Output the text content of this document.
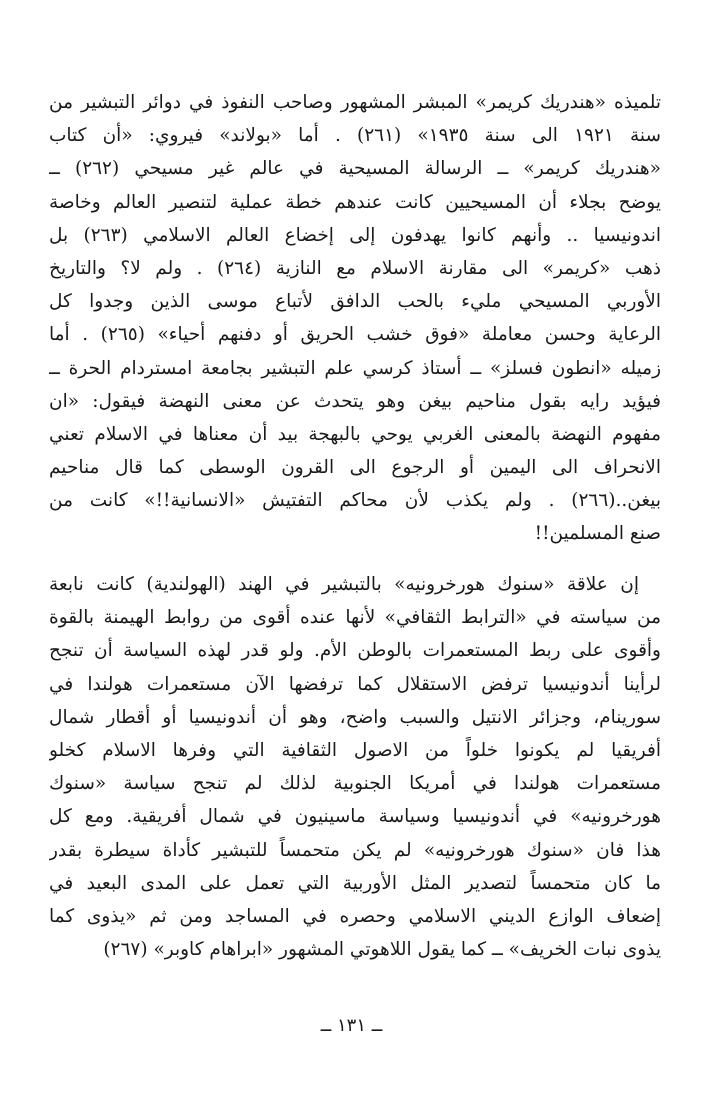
تلميذه «هندريك كريمر» المبشر المشهور وصاحب النفوذ في دوائر التبشير من
سنة ١٩٢١ الى سنة ١٩٣٥» (٢٦١) . أما «بولاند» فيروي: «أن كتاب
«هندريك كريمر» ــ الرسالة المسيحية في عالم غير مسيحي (٢٦٢) ــ
يوضح بجلاء أن المسيحيين كانت عندهم خطة عملية لتنصير العالم وخاصة
اندونيسيا .. وأنهم كانوا يهدفون إلى إخضاع العالم الاسلامي (٢٦٣) بل
ذهب «كريمر» الى مقارنة الاسلام مع النازية (٢٦٤) . ولم لا؟ والتاريخ
الأوربي المسيحي مليء بالحب الدافق لأتباع موسى الذين وجدوا كل
الرعاية وحسن معاملة «فوق خشب الحريق أو دفنهم أحياء» (٢٦٥) . أما
زميله «انطون فسلز» ــ أستاذ كرسي علم التبشير بجامعة امستردام الحرة ــ
فيؤيد رايه بقول مناحيم بيغن وهو يتحدث عن معنى النهضة فيقول: «ان
مفهوم النهضة بالمعنى الغربي يوحي بالبهجة بيد أن معناها في الاسلام تعني
الانحراف الى اليمين أو الرجوع الى القرون الوسطى كما قال مناحيم
بيغن..(٢٦٦) . ولم يكذب لأن محاكم التفتيش «الانسانية!!» كانت من
صنع المسلمين!!
إن علاقة «سنوك هورخرونيه» بالتبشير في الهند (الهولندية) كانت نابعة
من سياسته في «الترابط الثقافي» لأنها عنده أقوى من روابط الهيمنة بالقوة
وأقوى على ربط المستعمرات بالوطن الأم. ولو قدر لهذه السياسة أن تنجح
لرأينا أندونيسيا ترفض الاستقلال كما ترفضها الآن مستعمرات هولندا في
سورينام، وجزائر الانتيل والسبب واضح، وهو أن أندونيسيا أو أقطار شمال
أفريقيا لم يكونوا خلواً من الاصول الثقافية التي وفرها الاسلام كخلو
مستعمرات هولندا في أمريكا الجنوبية لذلك لم تنجح سياسة «سنوك
هورخرونيه» في أندونيسيا وسياسة ماسينيون في شمال أفريقية. ومع كل
هذا فان «سنوك هورخرونيه» لم يكن متحمساً للتبشير كأداة سيطرة بقدر
ما كان متحمساً لتصدير المثل الأوربية التي تعمل على المدى البعيد في
إضعاف الوازع الديني الاسلامي وحصره في المساجد ومن ثم «يذوى كما
يذوى نبات الخريف» ــ كما يقول اللاهوتي المشهور «ابراهام كاوبر» (٢٦٧)
ــ ١٣١ ــ
